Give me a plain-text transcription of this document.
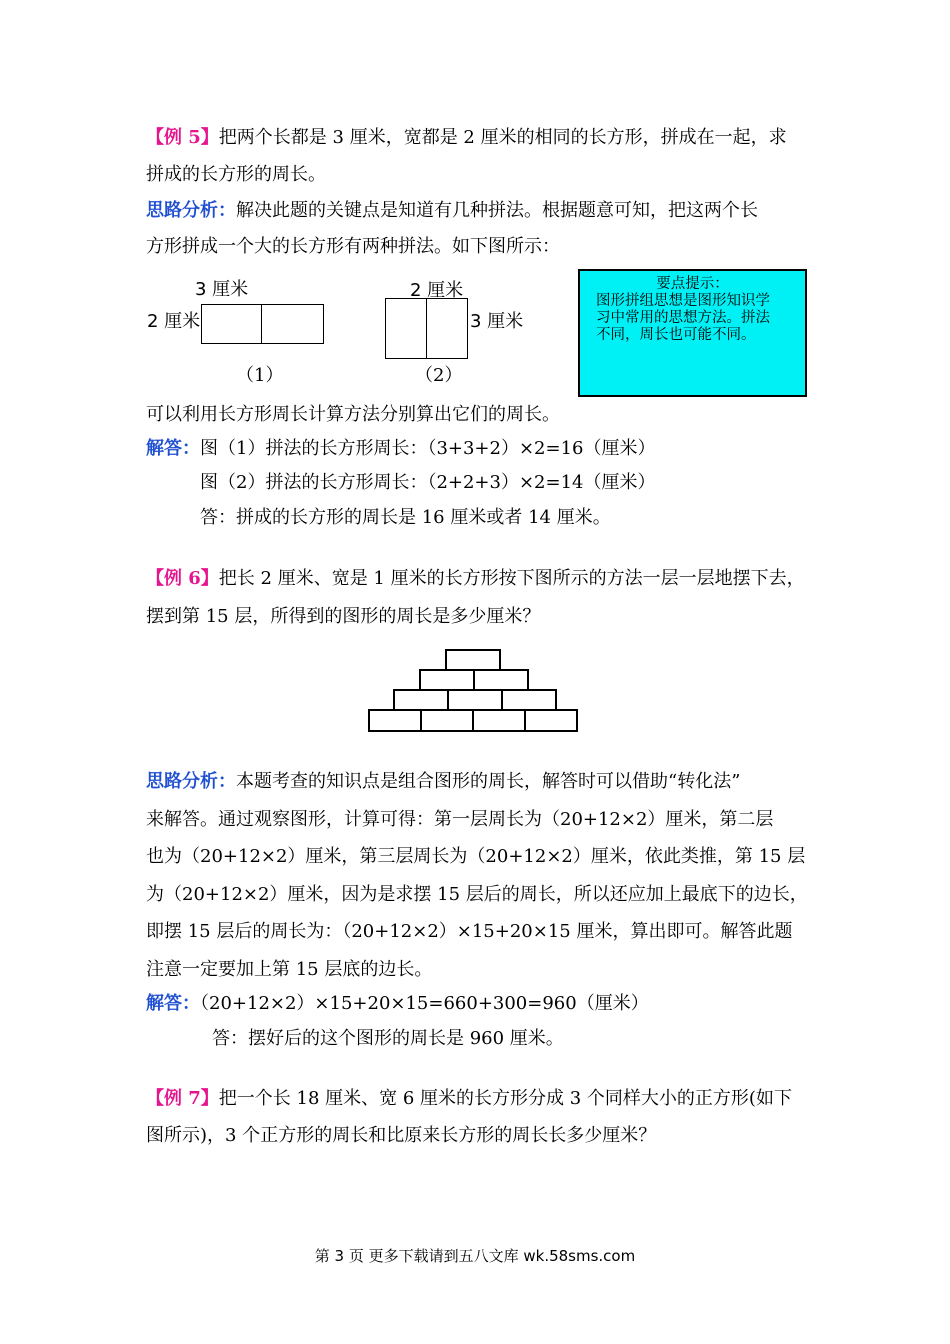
【例 5】把两个长都是 3 厘米，宽都是 2 厘米的相同的长方形，拼成在一起，求
拼成的长方形的周长。
思路分析：解决此题的关键点是知道有几种拼法。根据题意可知，把这两个长
方形拼成一个大的长方形有两种拼法。如下图所示：
3 厘米
2 厘米
（1）
2 厘米
3 厘米
（2）
要点提示：
图形拼组思想是图形知识学
习中常用的思想方法。拼法
不同，周长也可能不同。
可以利用长方形周长计算方法分别算出它们的周长。
解答：图（1）拼法的长方形周长：（3+3+2）×2=16（厘米）
图（2）拼法的长方形周长：（2+2+3）×2=14（厘米）
答：拼成的长方形的周长是 16 厘米或者 14 厘米。
【例 6】把长 2 厘米、宽是 1 厘米的长方形按下图所示的方法一层一层地摆下去，
摆到第 15 层，所得到的图形的周长是多少厘米？
思路分析：本题考查的知识点是组合图形的周长，解答时可以借助“转化法”
来解答。通过观察图形，计算可得：第一层周长为（20+12×2）厘米，第二层
也为（20+12×2）厘米，第三层周长为（20+12×2）厘米，依此类推，第 15 层
为（20+12×2）厘米，因为是求摆 15 层后的周长，所以还应加上最底下的边长，
即摆 15 层后的周长为：（20+12×2）×15+20×15 厘米，算出即可。解答此题
注意一定要加上第 15 层底的边长。
解答：（20+12×2）×15+20×15=660+300=960（厘米）
答：摆好后的这个图形的周长是 960 厘米。
【例 7】把一个长 18 厘米、宽 6 厘米的长方形分成 3 个同样大小的正方形(如下
图所示)，3 个正方形的周长和比原来长方形的周长长多少厘米？
第 3 页 更多下载请到五八文库 wk.58sms.com
